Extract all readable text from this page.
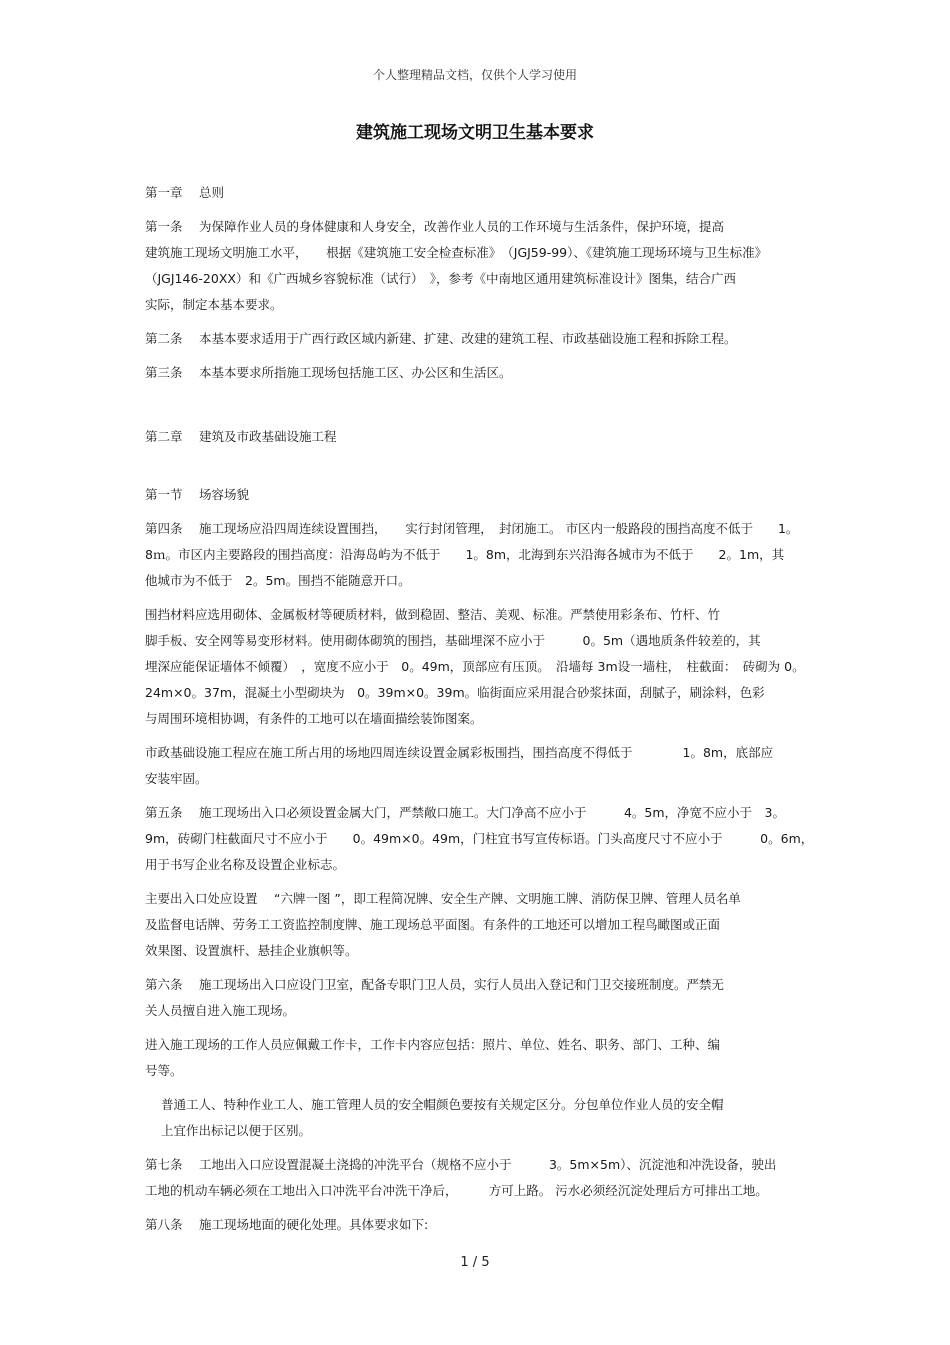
个人整理精品文档，仅供个人学习使用
建筑施工现场文明卫生基本要求

第一章　 总则

第一条　 为保障作业人员的身体健康和人身安全，改善作业人员的工作环境与生活条件，保护环境，提高
建筑施工现场文明施工水平，　　根据《建筑施工安全检查标准》　（JGJ59-99）、《建筑施工现场环境与卫生标准》
（JGJ146-20XX）和《广西城乡容貌标准（试行）　》，参考《中南地区通用建筑标准设计》图集，结合广西
实际，制定本基本要求。

第二条　 本基本要求适用于广西行政区域内新建、扩建、改建的建筑工程、市政基础设施工程和拆除工程。

第三条　 本基本要求所指施工现场包括施工区、办公区和生活区。

第二章　 建筑及市政基础设施工程

第一节　 场容场貌

第四条　 施工现场应沿四周连续设置围挡，　　实行封闭管理，　封闭施工。 市区内一般路段的围挡高度不低于　　1。
8ｍ。市区内主要路段的围挡高度：沿海岛屿为不低于　　1。8m，北海到东兴沿海各城市为不低于　　2。1m，其
他城市为不低于　2。5m。围挡不能随意开口。

围挡材料应选用砌体、金属板材等硬质材料，做到稳固、整洁、美观、标准。严禁使用彩条布、竹杆、竹
脚手板、安全网等易变形材料。使用砌体砌筑的围挡，基础埋深不应小于　　　0。5m（遇地质条件较差的，其
埋深应能保证墙体不倾覆）　，宽度不应小于　0。49m，顶部应有压顶。　沿墙每 3m设一墙柱，　柱截面：　砖砌为 0。
24m×0。37m，混凝土小型砌块为　0。39m×0。39m。临街面应采用混合砂浆抹面，刮腻子，刷涂料，色彩
与周围环境相协调，有条件的工地可以在墙面描绘装饰图案。

市政基础设施工程应在施工所占用的场地四周连续设置金属彩板围挡，围挡高度不得低于　　　　1。8m，底部应
安装牢固。

第五条　 施工现场出入口必须设置金属大门，严禁敞口施工。大门净高不应小于　　　4。5m，净宽不应小于　3。
9m，砖砌门柱截面尺寸不应小于　　0。49m×0。49m，门柱宜书写宣传标语。门头高度尺寸不应小于　　　0。6m，
用于书写企业名称及设置企业标志。

主要出入口处应设置　 “六牌一图 ”，即工程简况牌、安全生产牌、文明施工牌、消防保卫牌、管理人员名单
及监督电话牌、劳务工工资监控制度牌、施工现场总平面图。有条件的工地还可以增加工程鸟瞰图或正面
效果图、设置旗杆、悬挂企业旗帜等。

第六条　 施工现场出入口应设门卫室，配备专职门卫人员，实行人员出入登记和门卫交接班制度。严禁无
关人员擅自进入施工现场。

进入施工现场的工作人员应佩戴工作卡，工作卡内容应包括：照片、单位、姓名、职务、部门、工种、编
号等。

普通工人、特种作业工人、施工管理人员的安全帽颜色要按有关规定区分。分包单位作业人员的安全帽
上宜作出标记以便于区别。

第七条　 工地出入口应设置混凝土浇捣的冲洗平台（规格不应小于　　　3。5m×5m）、沉淀池和冲洗设备，驶出
工地的机动车辆必须在工地出入口冲洗平台冲洗干净后，　　　方可上路。 污水必须经沉淀处理后方可排出工地。

第八条　 施工现场地面的硬化处理。具体要求如下:

1 / 5
